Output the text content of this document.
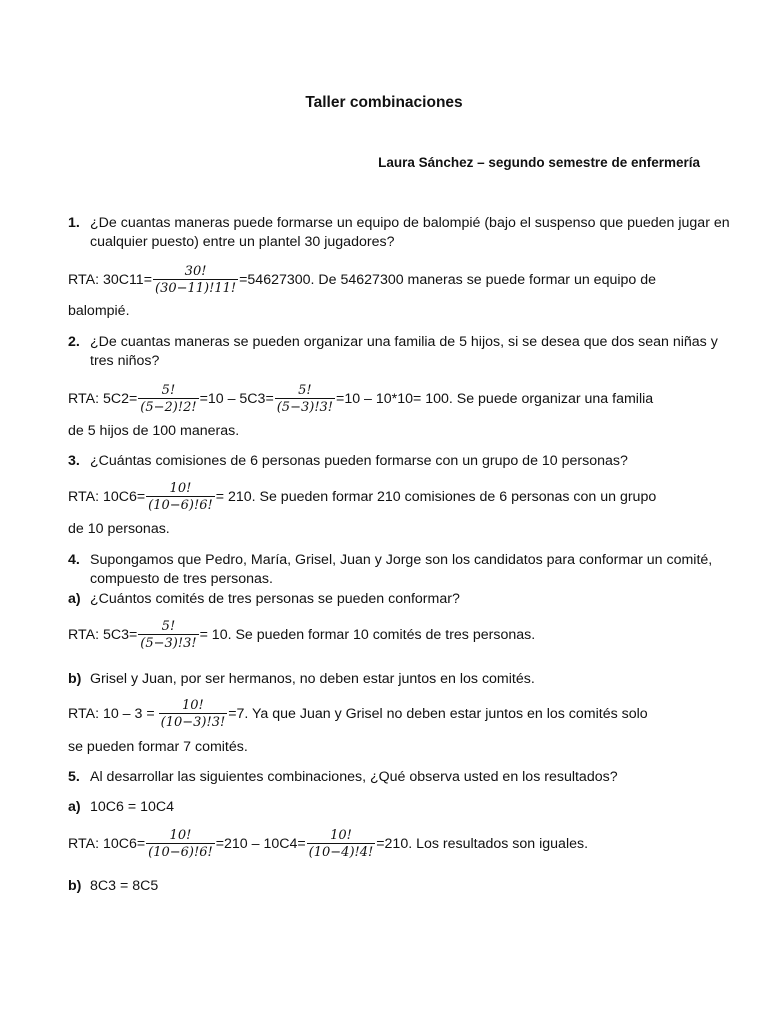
Taller combinaciones
Laura Sánchez – segundo semestre de enfermería
1. ¿De cuantas maneras puede formarse un equipo de balompié (bajo el suspenso que pueden jugar en cualquier puesto) entre un plantel 30 jugadores?
RTA: $30C11= \frac{30!}{(30-11)!11!} =54627300$. De 54627300 maneras se puede formar un equipo de
balompié.
2. ¿De cuantas maneras se pueden organizar una familia de 5 hijos, si se desea que dos sean niñas y tres niños?
RTA: $5C2= \frac{5!}{(5-2)!2!} =10 - 5C3= \frac{5!}{(5-3)!3!} =10 - 10*10= 100$. Se puede organizar una familia
de 5 hijos de 100 maneras.
3. ¿Cuántas comisiones de 6 personas pueden formarse con un grupo de 10 personas?
RTA: $10C6= \frac{10!}{(10-6)!6!} = 210$. Se pueden formar 210 comisiones de 6 personas con un grupo
de 10 personas.
4. Supongamos que Pedro, María, Grisel, Juan y Jorge son los candidatos para conformar un comité, compuesto de tres personas.
a) ¿Cuántos comités de tres personas se pueden conformar?
RTA: $5C3= \frac{5!}{(5-3)!3!} = 10$. Se pueden formar 10 comités de tres personas.
b) Grisel y Juan, por ser hermanos, no deben estar juntos en los comités.
RTA: $10 - 3 = \frac{10!}{(10-3)!3!} =7$. Ya que Juan y Grisel no deben estar juntos en los comités solo
se pueden formar 7 comités.
5. Al desarrollar las siguientes combinaciones, ¿Qué observa usted en los resultados?
a) 10C6 = 10C4
RTA: $10C6= \frac{10!}{(10-6)!6!} =210 - 10C4= \frac{10!}{(10-4)!4!} =210$. Los resultados son iguales.
b) 8C3 = 8C5
